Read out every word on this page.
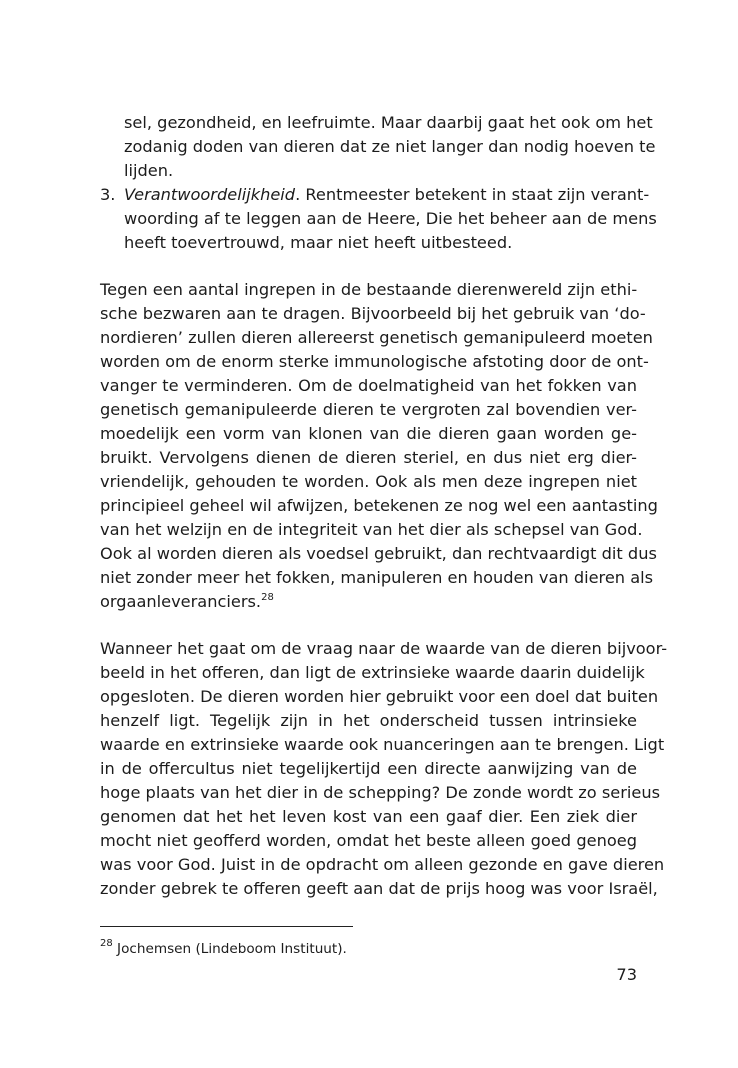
sel, gezondheid, en leefruimte. Maar daarbij gaat het ook om het
zodanig doden van dieren dat ze niet langer dan nodig hoeven te
lijden.
3. Verantwoordelijkheid. Rentmeester betekent in staat zijn verant-
woording af te leggen aan de Heere, Die het beheer aan de mens
heeft toevertrouwd, maar niet heeft uitbesteed.
Tegen een aantal ingrepen in de bestaande dierenwereld zijn ethi-
sche bezwaren aan te dragen. Bijvoorbeeld bij het gebruik van ‘do-
nordieren’ zullen dieren allereerst genetisch gemanipuleerd moeten
worden om de enorm sterke immunologische afstoting door de ont-
vanger te verminderen. Om de doelmatigheid van het fokken van
genetisch gemanipuleerde dieren te vergroten zal bovendien ver-
moedelijk een vorm van klonen van die dieren gaan worden ge-
bruikt. Vervolgens dienen de dieren steriel, en dus niet erg dier-
vriendelijk, gehouden te worden. Ook als men deze ingrepen niet
principieel geheel wil afwijzen, betekenen ze nog wel een aantasting
van het welzijn en de integriteit van het dier als schepsel van God.
Ook al worden dieren als voedsel gebruikt, dan rechtvaardigt dit dus
niet zonder meer het fokken, manipuleren en houden van dieren als
orgaanleveranciers.$^{28}$
Wanneer het gaat om de vraag naar de waarde van de dieren bijvoor-
beeld in het offeren, dan ligt de extrinsieke waarde daarin duidelijk
opgesloten. De dieren worden hier gebruikt voor een doel dat buiten
henzelf ligt. Tegelijk zijn in het onderscheid tussen intrinsieke
waarde en extrinsieke waarde ook nuanceringen aan te brengen. Ligt
in de offercultus niet tegelijkertijd een directe aanwijzing van de
hoge plaats van het dier in de schepping? De zonde wordt zo serieus
genomen dat het het leven kost van een gaaf dier. Een ziek dier
mocht niet geofferd worden, omdat het beste alleen goed genoeg
was voor God. Juist in de opdracht om alleen gezonde en gave dieren
zonder gebrek te offeren geeft aan dat de prijs hoog was voor Israël,
$^{28}$ Jochemsen (Lindeboom Instituut).
73
